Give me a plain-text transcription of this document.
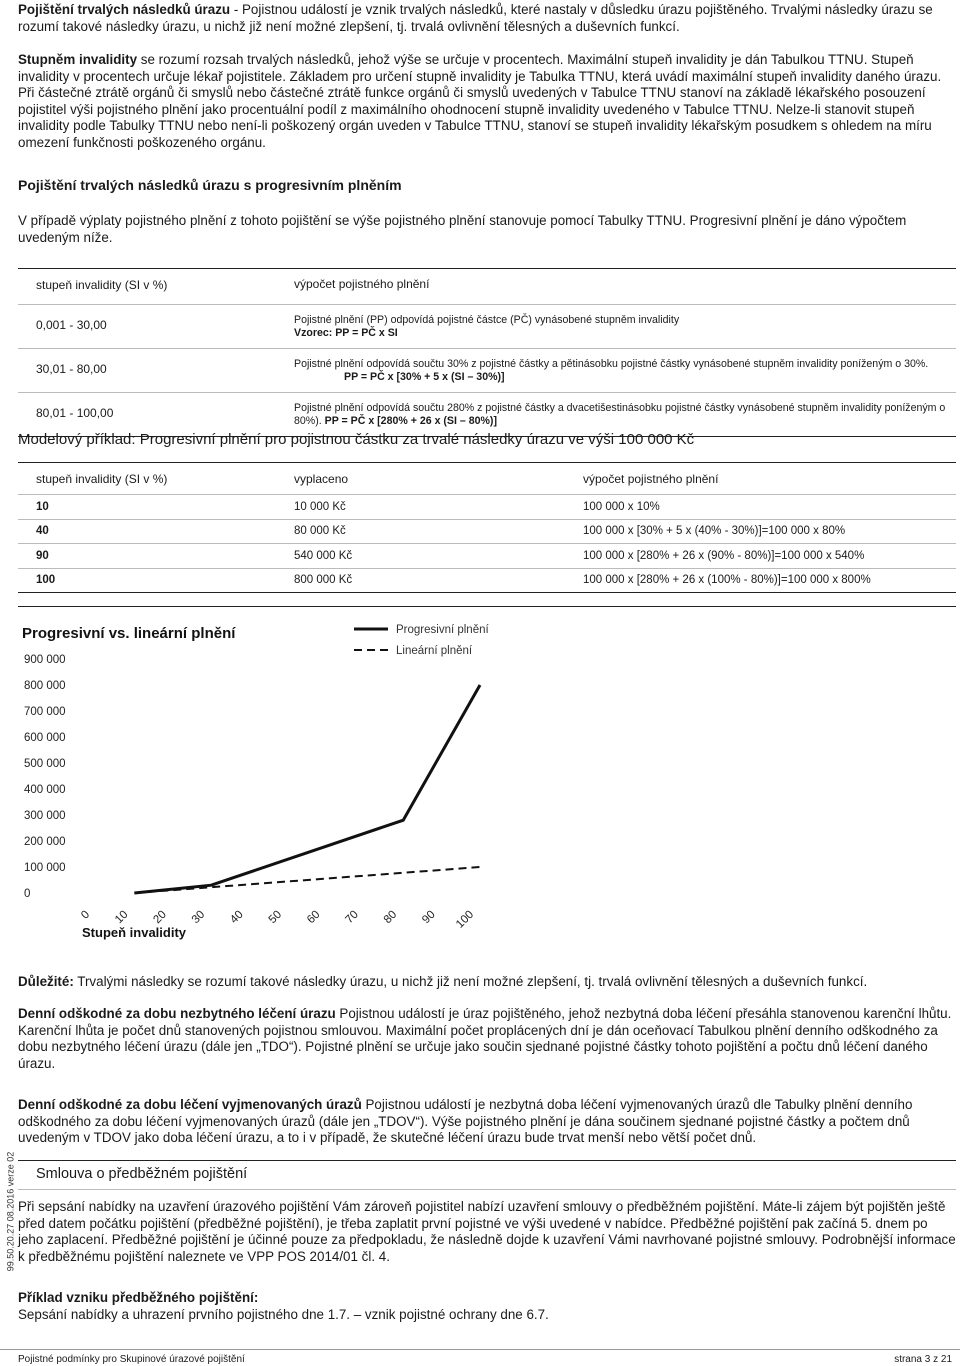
Pojištění trvalých následků úrazu - Pojistnou událostí je vznik trvalých následků, které nastaly v důsledku úrazu pojištěného. Trvalými následky úrazu se rozumí takové následky úrazu, u nichž již není možné zlepšení, tj. trvalá ovlivnění tělesných a duševních funkcí.

Stupněm invalidity se rozumí rozsah trvalých následků, jehož výše se určuje v procentech. Maximální stupeň invalidity je dán Tabulkou TTNU. Stupeň invalidity v procentech určuje lékař pojistitele. Základem pro určení stupně invalidity je Tabulka TTNU, která uvádí maximální stupeň invalidity daného úrazu. Při částečné ztrátě orgánů či smyslů nebo částečné ztrátě funkce orgánů či smyslů uvedených v Tabulce TTNU stanoví na základě lékařského posouzení pojistitel výši pojistného plnění jako procentuální podíl z maximálního ohodnocení stupně invalidity uvedeného v Tabulce TTNU. Nelze-li stanovit stupeň invalidity podle Tabulky TTNU nebo není-li poškozený orgán uveden v Tabulce TTNU, stanoví se stupeň invalidity lékařským posudkem s ohledem na míru omezení funkčnosti poškozeného orgánu.

Pojištění trvalých následků úrazu s progresivním plněním

V případě výplaty pojistného plnění z tohoto pojištění se výše pojistného plnění stanovuje pomocí Tabulky TTNU. Progresivní plnění je dáno výpočtem uvedeným níže.

stupeň invalidity (SI v %)	výpočet pojistného plnění
0,001 - 30,00	Pojistné plnění (PP) odpovídá pojistné částce (PČ) vynásobené stupněm invalidity
Vzorec: PP = PČ x SI
30,01 - 80,00	Pojistné plnění odpovídá součtu 30% z pojistné částky a pětinásobku pojistné částky vynásobené stupněm invalidity poníženým o 30%.
PP = PČ x [30% + 5 x (SI – 30%)]
80,01 - 100,00	Pojistné plnění odpovídá součtu 280% z pojistné částky a dvacetišestinásobku pojistné částky vynásobené stupněm invalidity poníženým o 80%). PP = PČ x [280% + 26 x (SI – 80%)]

Modelový příklad: Progresivní plnění pro pojistnou částku za trvalé následky úrazu ve výši 100 000 Kč

stupeň invalidity (SI v %)	vyplaceno	výpočet pojistného plnění
10	10 000 Kč	100 000 x 10%
40	80 000 Kč	100 000 x [30% + 5 x (40% - 30%)]=100 000 x 80%
90	540 000 Kč	100 000 x [280% + 26 x (90% - 80%)]=100 000 x 540%
100	800 000 Kč	100 000 x [280% + 26 x (100% - 80%)]=100 000 x 800%
Progresivní vs. lineární plnění
0
100 000
200 000
300 000
400 000
500 000
600 000
700 000
800 000
900 000
0 10 20 30 40 50 60 70 80 90 100
Stupeň invalidity
Progresivní plnění
Lineární plnění

Důležité: Trvalými následky se rozumí takové následky úrazu, u nichž již není možné zlepšení, tj. trvalá ovlivnění tělesných a duševních funkcí.

Denní odškodné za dobu nezbytného léčení úrazu Pojistnou událostí je úraz pojištěného, jehož nezbytná doba léčení přesáhla stanovenou karenční lhůtu. Karenční lhůta je počet dnů stanovených pojistnou smlouvou. Maximální počet proplácených dní je dán oceňovací Tabulkou plnění denního odškodného za dobu nezbytného léčení úrazu (dále jen „TDO“). Pojistné plnění se určuje jako součin sjednané pojistné částky tohoto pojištění a počtu dnů léčení daného úrazu.

Denní odškodné za dobu léčení vyjmenovaných úrazů Pojistnou událostí je nezbytná doba léčení vyjmenovaných úrazů dle Tabulky plnění denního odškodného za dobu léčení vyjmenovaných úrazů (dále jen „TDOV“). Výše pojistného plnění je dána součinem sjednané pojistné částky a počtem dnů uvedeným v TDOV jako doba léčení úrazu, a to i v případě, že skutečné léčení úrazu bude trvat menší nebo větší počet dnů.

Smlouva o předběžném pojištění

Při sepsání nabídky na uzavření úrazového pojištění Vám zároveň pojistitel nabízí uzavření smlouvy o předběžném pojištění. Máte-li zájem být pojištěn ještě před datem počátku pojištění (předběžné pojištění), je třeba zaplatit první pojistné ve výši uvedené v nabídce. Předběžné pojištění pak začíná 5. dnem po jeho zaplacení. Předběžné pojištění je účinné pouze za předpokladu, že následně dojde k uzavření Vámi navrhované pojistné smlouvy. Podrobnější informace k předběžnému pojištění naleznete ve VPP POS 2014/01 čl. 4.

Příklad vzniku předběžného pojištění:
Sepsání nabídky a uhrazení prvního pojistného dne 1.7. – vznik pojistné ochrany dne 6.7.

99.50.20.27 08.2016 verze 02
Pojistné podmínky pro Skupinové úrazové pojištění	strana 3 z 21
